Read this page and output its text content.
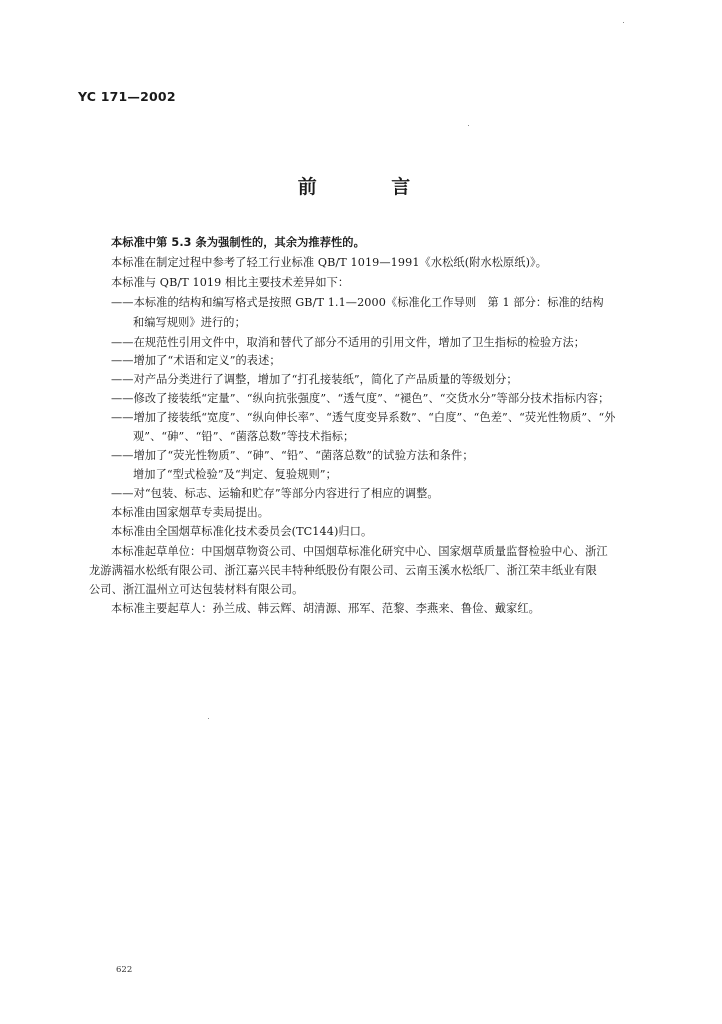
YC 171—2002
前 言
本标准中第 5.3 条为强制性的，其余为推荐性的。
本标准在制定过程中参考了轻工行业标准 QB/T 1019—1991《水松纸(附水松原纸)》。
本标准与 QB/T 1019 相比主要技术差异如下：
——本标准的结构和编写格式是按照 GB/T 1.1—2000《标准化工作导则　第 1 部分：标准的结构
和编写规则》进行的；
——在规范性引用文件中，取消和替代了部分不适用的引用文件，增加了卫生指标的检验方法；
——增加了“术语和定义”的表述；
——对产品分类进行了调整，增加了“打孔接装纸”，简化了产品质量的等级划分；
——修改了接装纸“定量”、“纵向抗张强度”、“透气度”、“褪色”、“交货水分”等部分技术指标内容；
——增加了接装纸“宽度”、“纵向伸长率”、“透气度变异系数”、“白度”、“色差”、“荧光性物质”、“外
观”、“砷”、“铅”、“菌落总数”等技术指标；
——增加了“荧光性物质”、“砷”、“铅”、“菌落总数”的试验方法和条件；
增加了“型式检验”及“判定、复验规则”；
——对“包装、标志、运输和贮存”等部分内容进行了相应的调整。
本标准由国家烟草专卖局提出。
本标准由全国烟草标准化技术委员会(TC144)归口。
本标准起草单位：中国烟草物资公司、中国烟草标准化研究中心、国家烟草质量监督检验中心、浙江
龙游满福水松纸有限公司、浙江嘉兴民丰特种纸股份有限公司、云南玉溪水松纸厂、浙江荣丰纸业有限
公司、浙江温州立可达包装材料有限公司。
本标准主要起草人：孙兰成、韩云辉、胡清源、邢军、范黎、李燕来、鲁俭、戴家红。
622
